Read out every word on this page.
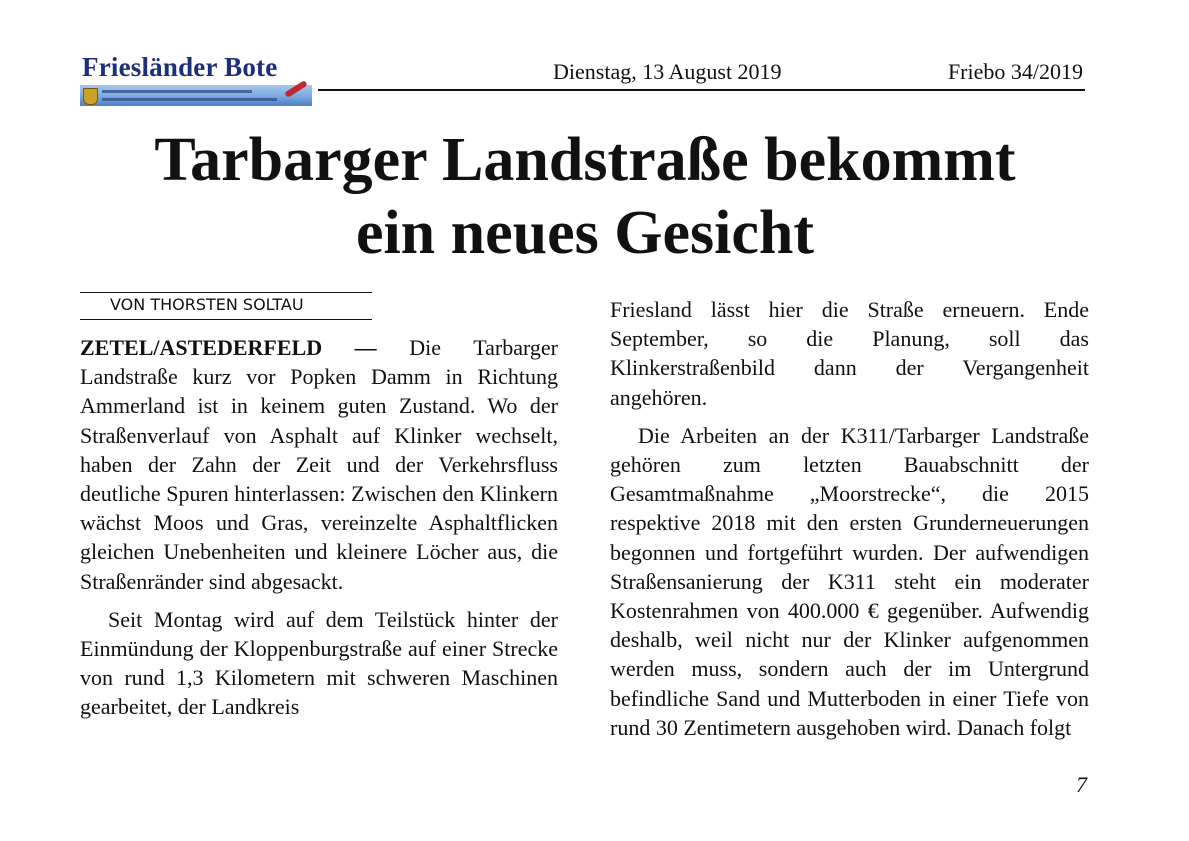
Friesländer Bote	Dienstag, 13 August 2019	Friebo 34/2019
Tarbarger Landstraße bekommt
ein neues Gesicht
VON THORSTEN SOLTAU

ZETEL/ASTEDERFELD — Die Tarbarger Landstraße kurz vor Popken Damm in Richtung Ammerland ist in keinem guten Zustand. Wo der Straßenverlauf von Asphalt auf Klinker wechselt, haben der Zahn der Zeit und der Verkehrsfluss deutliche Spuren hinterlassen: Zwischen den Klinkern wächst Moos und Gras, vereinzelte Asphaltflicken gleichen Unebenheiten und kleinere Löcher aus, die Straßenränder sind abgesackt.

Seit Montag wird auf dem Teilstück hinter der Einmündung der Kloppenburgstraße auf einer Strecke von rund 1,3 Kilometern mit schweren Maschinen gearbeitet, der Landkreis

Friesland lässt hier die Straße erneuern. Ende September, so die Planung, soll das Klinkerstraßenbild dann der Vergangenheit angehören.

Die Arbeiten an der K311/Tarbarger Landstraße gehören zum letzten Bauabschnitt der Gesamtmaßnahme „Moorstrecke“, die 2015 respektive 2018 mit den ersten Grunderneuerungen begonnen und fortgeführt wurden. Der aufwendigen Straßensanierung der K311 steht ein moderater Kostenrahmen von 400.000 € gegenüber. Aufwendig deshalb, weil nicht nur der Klinker aufgenommen werden muss, sondern auch der im Untergrund befindliche Sand und Mutterboden in einer Tiefe von rund 30 Zentimetern ausgehoben wird. Danach folgt

7
